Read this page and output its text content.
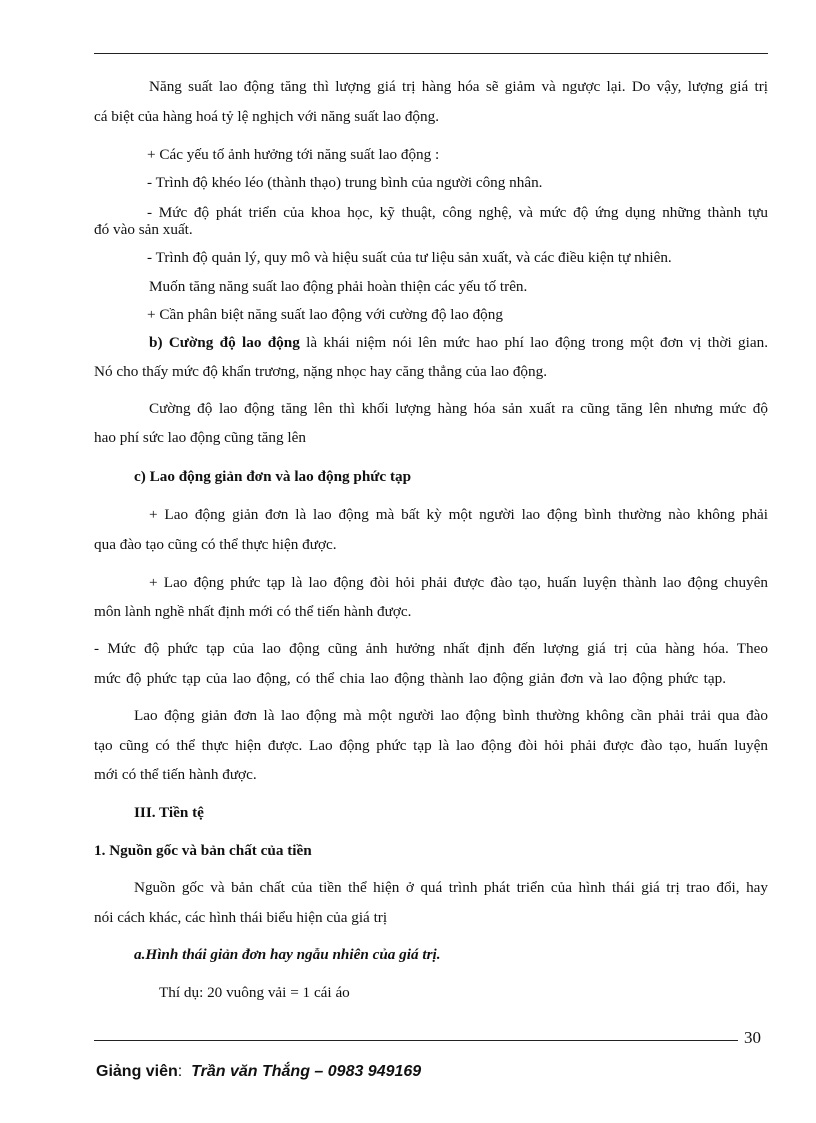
Năng suất lao động tăng thì lượng giá trị hàng hóa sẽ giảm và ngược lại. Do vậy, lượng giá trị
cá biệt của hàng hoá tỷ lệ nghịch với năng suất lao động.
+ Các yếu tố ảnh hưởng tới năng suất lao động :
- Trình độ khéo léo (thành thạo) trung bình của người công nhân.
- Mức độ phát triển của khoa học, kỹ thuật, công nghệ, và mức độ ứng dụng những thành tựu
đó vào sản xuất.
- Trình độ quản lý, quy mô và hiệu suất của tư liệu sản xuất, và các điều kiện tự nhiên.
Muốn tăng năng suất lao động phải hoàn thiện các yếu tố trên.
+ Cần phân biệt năng suất lao động với cường độ lao động
b) Cường độ lao động là khái niệm nói lên mức hao phí lao động trong một đơn vị thời gian.
Nó cho thấy mức độ khẩn trương, nặng nhọc hay căng thẳng của lao động.
Cường độ lao động tăng lên thì khối lượng hàng hóa sản xuất ra cũng tăng lên nhưng mức độ
hao phí sức lao động cũng tăng lên
c) Lao động giản đơn và lao động phức tạp
+ Lao động giản đơn là lao động mà bất kỳ một người lao động bình thường nào không phải
qua đào tạo cũng có thể thực hiện được.
+ Lao động phức tạp là lao động đòi hỏi phải được đào tạo, huấn luyện thành lao động chuyên
môn lành nghề nhất định mới có thể tiến hành được.
- Mức độ phức tạp của lao động cũng ảnh hưởng nhất định đến lượng giá trị của hàng hóa. Theo
mức độ phức tạp của lao động, có thể chia lao động thành lao động giản đơn và lao động phức tạp.
Lao động giản đơn là lao động mà một người lao động bình thường không cần phải trải qua đào
tạo cũng có thể thực hiện được. Lao động phức tạp là lao động đòi hỏi phải được đào tạo, huấn luyện
mới có thể tiến hành được.
III. Tiền tệ
1. Nguồn gốc và bản chất của tiền
Nguồn gốc và bản chất của tiền thể hiện ở quá trình phát triển của hình thái giá trị trao đổi, hay
nói cách khác, các hình thái biểu hiện của giá trị
a.Hình thái giản đơn hay ngẫu nhiên của giá trị.
Thí dụ: 20 vuông vải = 1 cái áo
30
Giảng viên: Trần văn Thắng – 0983 949169
